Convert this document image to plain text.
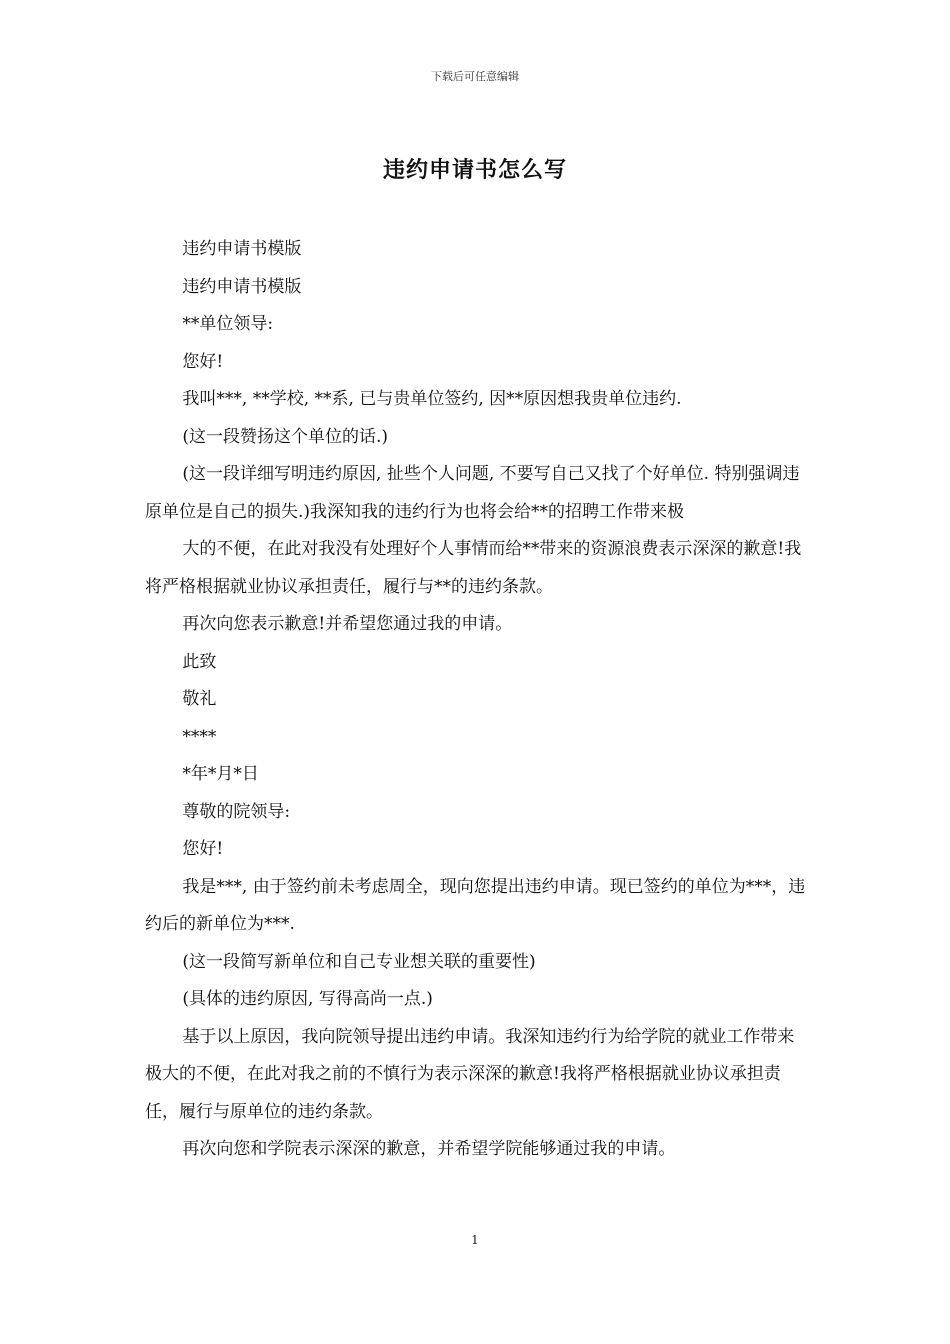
下载后可任意编辑
违约申请书怎么写

违约申请书模版

违约申请书模版

**单位领导:

您好!

我叫***, **学校, **系, 已与贵单位签约, 因**原因想我贵单位违约.

(这一段赞扬这个单位的话.)

(这一段详细写明违约原因, 扯些个人问题, 不要写自己又找了个好单位. 特别强调违原单位是自己的损失.)我深知我的违约行为也将会给**的招聘工作带来极

大的不便，在此对我没有处理好个人事情而给**带来的资源浪费表示深深的歉意!我将严格根据就业协议承担责任，履行与**的违约条款。

再次向您表示歉意!并希望您通过我的申请。

此致

敬礼

****

*年*月*日

尊敬的院领导:

您好!

我是***, 由于签约前未考虑周全，现向您提出违约申请。现已签约的单位为***，违约后的新单位为***.

(这一段简写新单位和自己专业想关联的重要性)

(具体的违约原因, 写得高尚一点.)

基于以上原因，我向院领导提出违约申请。我深知违约行为给学院的就业工作带来极大的不便，在此对我之前的不慎行为表示深深的歉意!我将严格根据就业协议承担责任，履行与原单位的违约条款。

再次向您和学院表示深深的歉意，并希望学院能够通过我的申请。

1
